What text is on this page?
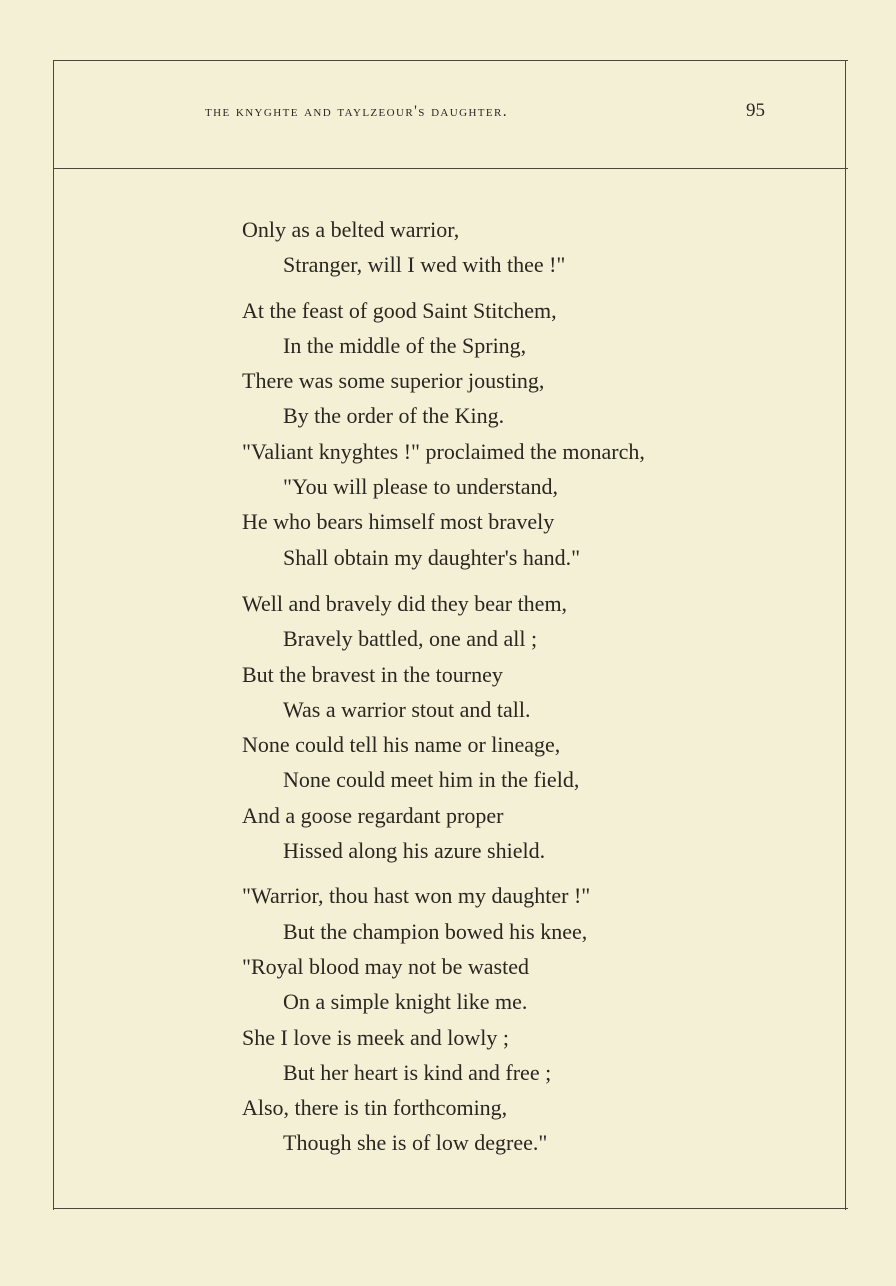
the knyghte and taylzeour's daughter.	95
Only as a belted warrior,
Stranger, will I wed with thee !"
At the feast of good Saint Stitchem,
In the middle of the Spring,
There was some superior jousting,
By the order of the King.
"Valiant knyghtes !" proclaimed the monarch,
"You will please to understand,
He who bears himself most bravely
Shall obtain my daughter's hand."
Well and bravely did they bear them,
Bravely battled, one and all ;
But the bravest in the tourney
Was a warrior stout and tall.
None could tell his name or lineage,
None could meet him in the field,
And a goose regardant proper
Hissed along his azure shield.
"Warrior, thou hast won my daughter !"
But the champion bowed his knee,
"Royal blood may not be wasted
On a simple knight like me.
She I love is meek and lowly ;
But her heart is kind and free ;
Also, there is tin forthcoming,
Though she is of low degree."
